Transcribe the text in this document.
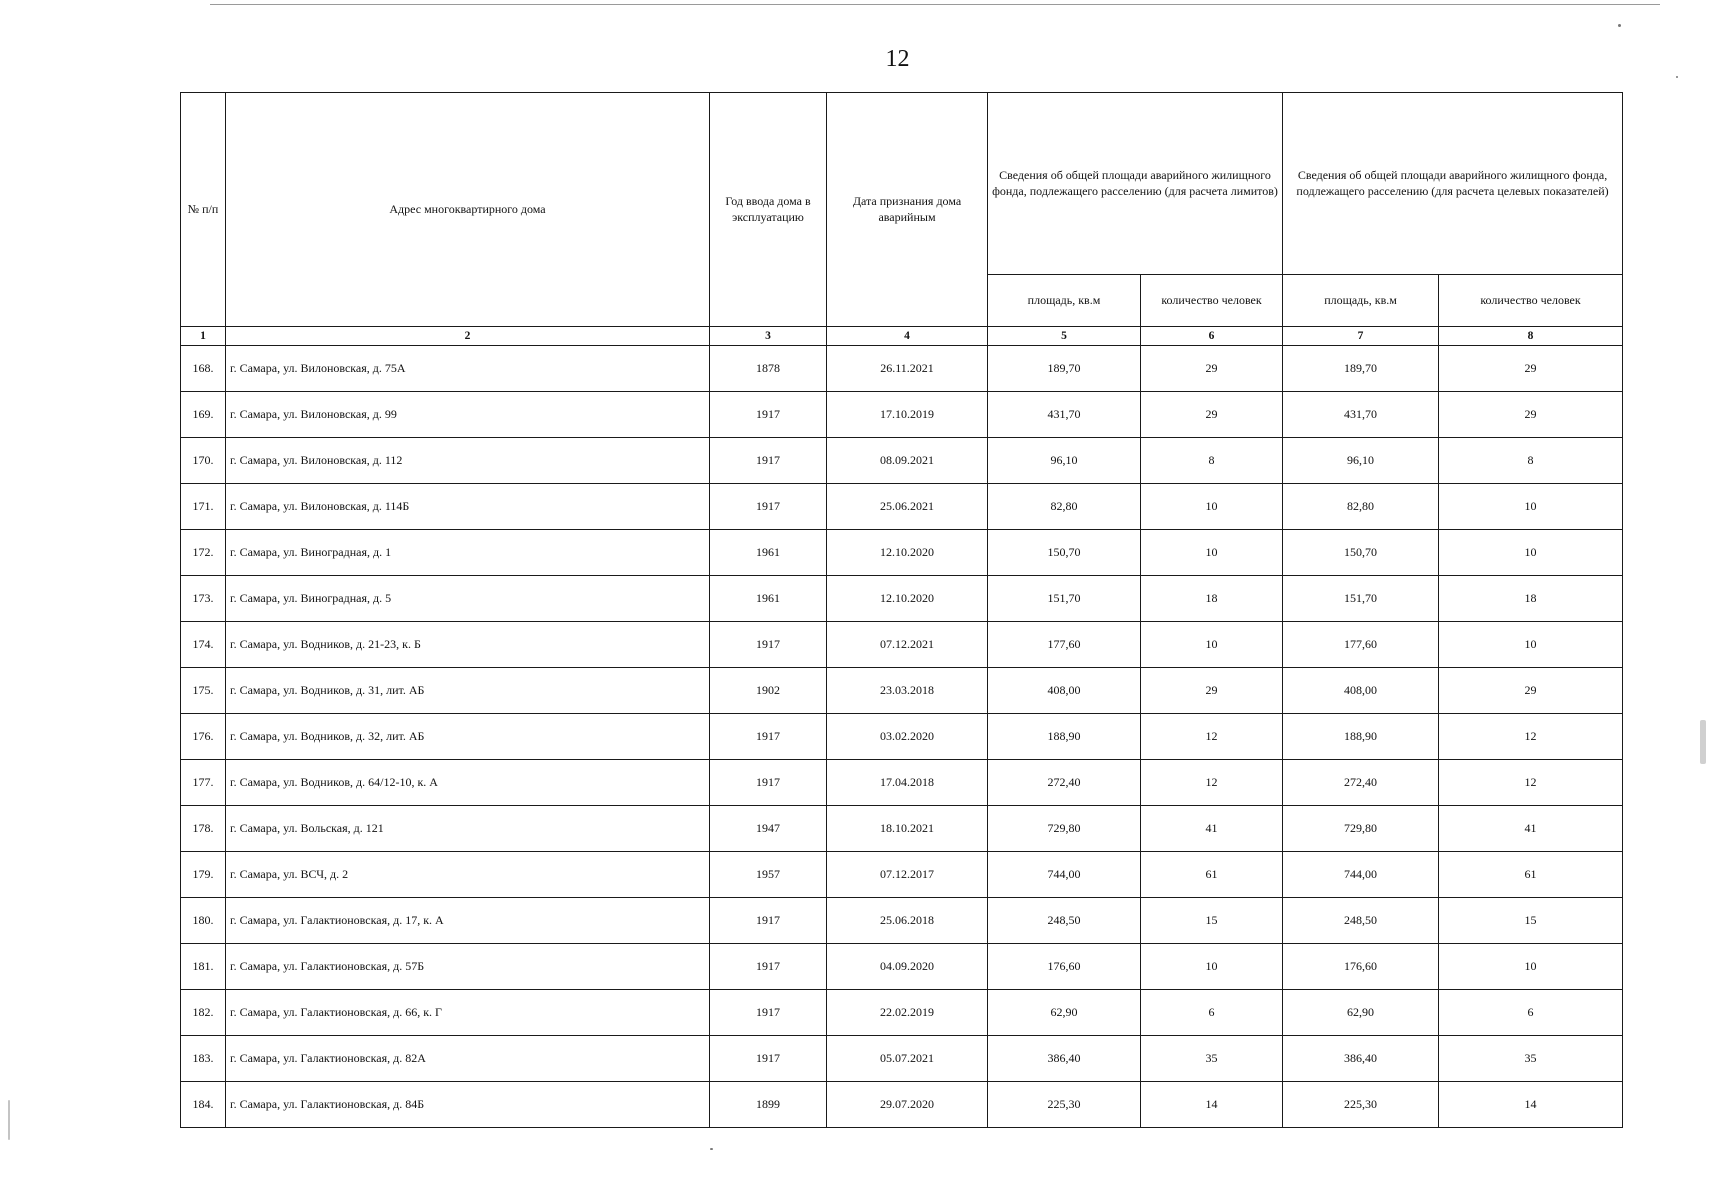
12
№ п/п	Адрес многоквартирного дома	Год ввода дома в эксплуатацию	Дата признания дома аварийным	Сведения об общей площади аварийного жилищного фонда, подлежащего расселению (для расчета лимитов)		Сведения об общей площади аварийного жилищного фонда, подлежащего расселению (для расчета целевых показателей)	
				площадь, кв.м	количество человек	площадь, кв.м	количество человек
1	2	3	4	5	6	7	8
168.	г. Самара, ул. Вилоновская, д. 75А	1878	26.11.2021	189,70	29	189,70	29
169.	г. Самара, ул. Вилоновская, д. 99	1917	17.10.2019	431,70	29	431,70	29
170.	г. Самара, ул. Вилоновская, д. 112	1917	08.09.2021	96,10	8	96,10	8
171.	г. Самара, ул. Вилоновская, д. 114Б	1917	25.06.2021	82,80	10	82,80	10
172.	г. Самара, ул. Виноградная, д. 1	1961	12.10.2020	150,70	10	150,70	10
173.	г. Самара, ул. Виноградная, д. 5	1961	12.10.2020	151,70	18	151,70	18
174.	г. Самара, ул. Водников, д. 21-23, к. Б	1917	07.12.2021	177,60	10	177,60	10
175.	г. Самара, ул. Водников, д. 31, лит. АБ	1902	23.03.2018	408,00	29	408,00	29
176.	г. Самара, ул. Водников, д. 32, лит. АБ	1917	03.02.2020	188,90	12	188,90	12
177.	г. Самара, ул. Водников, д. 64/12-10, к. А	1917	17.04.2018	272,40	12	272,40	12
178.	г. Самара, ул. Вольская, д. 121	1947	18.10.2021	729,80	41	729,80	41
179.	г. Самара, ул. ВСЧ, д. 2	1957	07.12.2017	744,00	61	744,00	61
180.	г. Самара, ул. Галактионовская, д. 17, к. А	1917	25.06.2018	248,50	15	248,50	15
181.	г. Самара, ул. Галактионовская, д. 57Б	1917	04.09.2020	176,60	10	176,60	10
182.	г. Самара, ул. Галактионовская, д. 66, к. Г	1917	22.02.2019	62,90	6	62,90	6
183.	г. Самара, ул. Галактионовская, д. 82А	1917	05.07.2021	386,40	35	386,40	35
184.	г. Самара, ул. Галактионовская, д. 84Б	1899	29.07.2020	225,30	14	225,30	14
